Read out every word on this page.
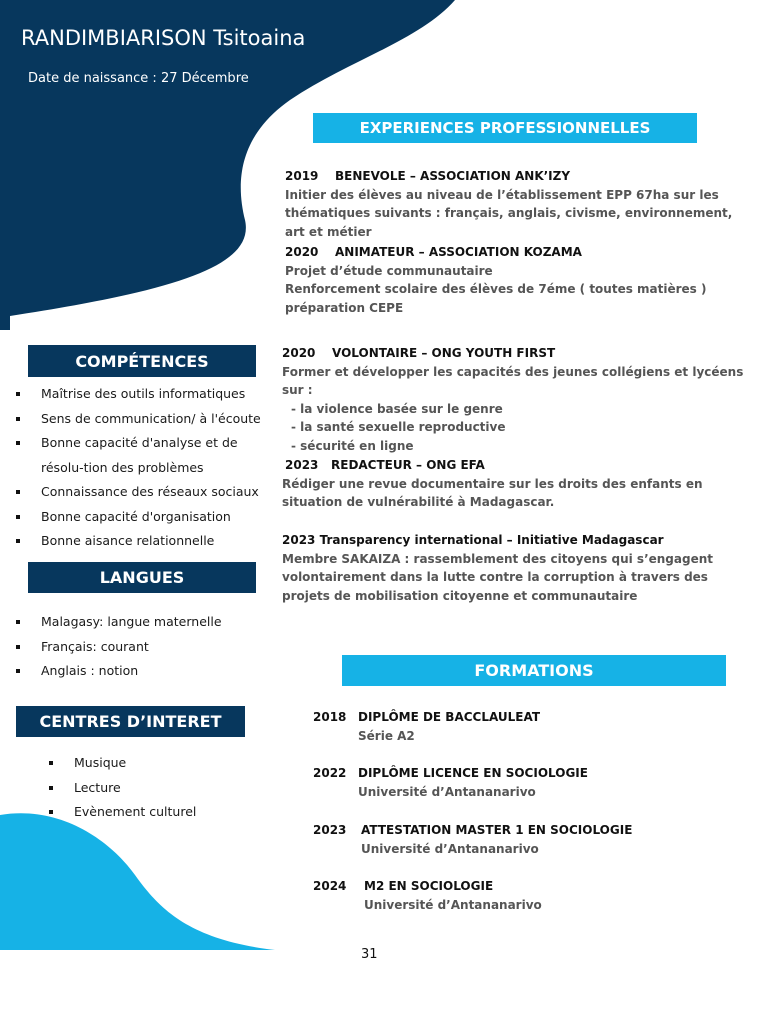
RANDIMBIARISON Tsitoaina
Date de naissance : 27 Décembre
EXPERIENCES PROFESSIONNELLES
2019 BENEVOLE – ASSOCIATION ANK’IZY
Initier des élèves au niveau de l’établissement EPP 67ha sur les thématiques suivants : français, anglais, civisme, environnement, art et métier
2020 ANIMATEUR – ASSOCIATION KOZAMA
Projet d’étude communautaire
Renforcement scolaire des élèves de 7éme ( toutes matières ) préparation CEPE
2020 VOLONTAIRE – ONG YOUTH FIRST
Former et développer les capacités des jeunes collégiens et lycéens sur :
- la violence basée sur le genre
- la santé sexuelle reproductive
- sécurité en ligne
2023 REDACTEUR – ONG EFA
Rédiger une revue documentaire sur les droits des enfants en situation de vulnérabilité à Madagascar.
2023 Transparency international – Initiative Madagascar
Membre SAKAIZA : rassemblement des citoyens qui s’engagent volontairement dans la lutte contre la corruption à travers des projets de mobilisation citoyenne et communautaire
COMPÉTENCES
Maîtrise des outils informatiques
Sens de communication/ à l'écoute
Bonne capacité d'analyse et de résolu-tion des problèmes
Connaissance des réseaux sociaux
Bonne capacité d'organisation
Bonne aisance relationnelle
LANGUES
Malagasy: langue maternelle
Français: courant
Anglais : notion
CENTRES D’INTERET
Musique
Lecture
Evènement culturel
FORMATIONS
2018 DIPLÔME DE BACCLAULEAT
Série A2
2022 DIPLÔME LICENCE EN SOCIOLOGIE
Université d’Antananarivo
2023 ATTESTATION MASTER 1 EN SOCIOLOGIE
Université d’Antananarivo
2024 M2 EN SOCIOLOGIE
Université d’Antananarivo
31
